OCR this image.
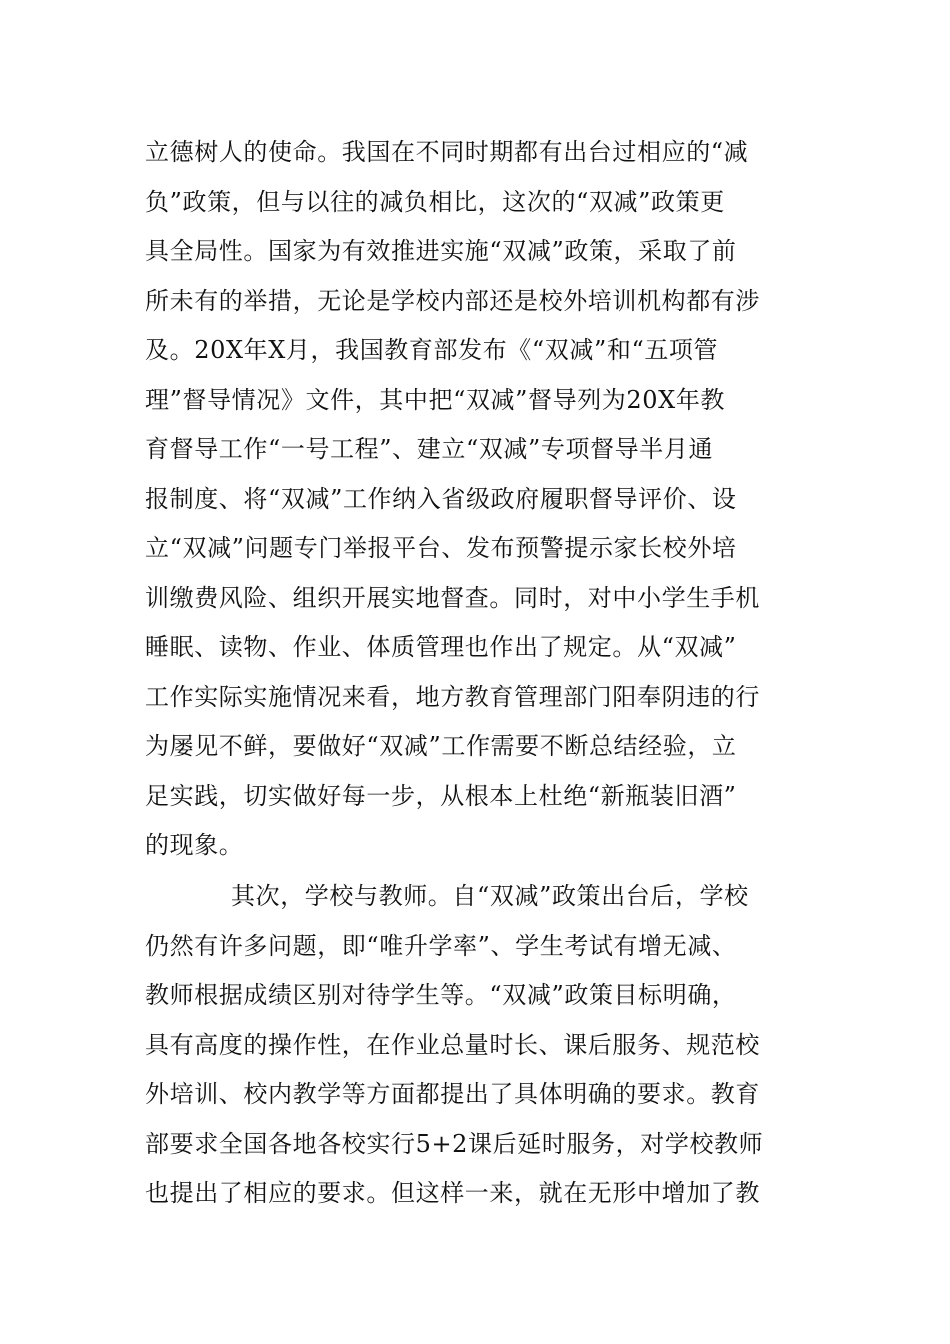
立德树人的使命。我国在不同时期都有出台过相应的“减
负”政策，但与以往的减负相比，这次的“双减”政策更
具全局性。国家为有效推进实施“双减”政策，采取了前
所未有的举措，无论是学校内部还是校外培训机构都有涉
及。20X年X月，我国教育部发布《“双减”和“五项管
理”督导情况》文件，其中把“双减”督导列为20X年教
育督导工作“一号工程”、建立“双减”专项督导半月通
报制度、将“双减”工作纳入省级政府履职督导评价、设
立“双减”问题专门举报平台、发布预警提示家长校外培
训缴费风险、组织开展实地督查。同时，对中小学生手机
睡眠、读物、作业、体质管理也作出了规定。从“双减”
工作实际实施情况来看，地方教育管理部门阳奉阴违的行
为屡见不鲜，要做好“双减”工作需要不断总结经验，立
足实践，切实做好每一步，从根本上杜绝“新瓶装旧酒”
的现象。
其次，学校与教师。自“双减”政策出台后，学校
仍然有许多问题，即“唯升学率”、学生考试有增无减、
教师根据成绩区别对待学生等。“双减”政策目标明确，
具有高度的操作性，在作业总量时长、课后服务、规范校
外培训、校内教学等方面都提出了具体明确的要求。教育
部要求全国各地各校实行5+2课后延时服务，对学校教师
也提出了相应的要求。但这样一来，就在无形中增加了教
